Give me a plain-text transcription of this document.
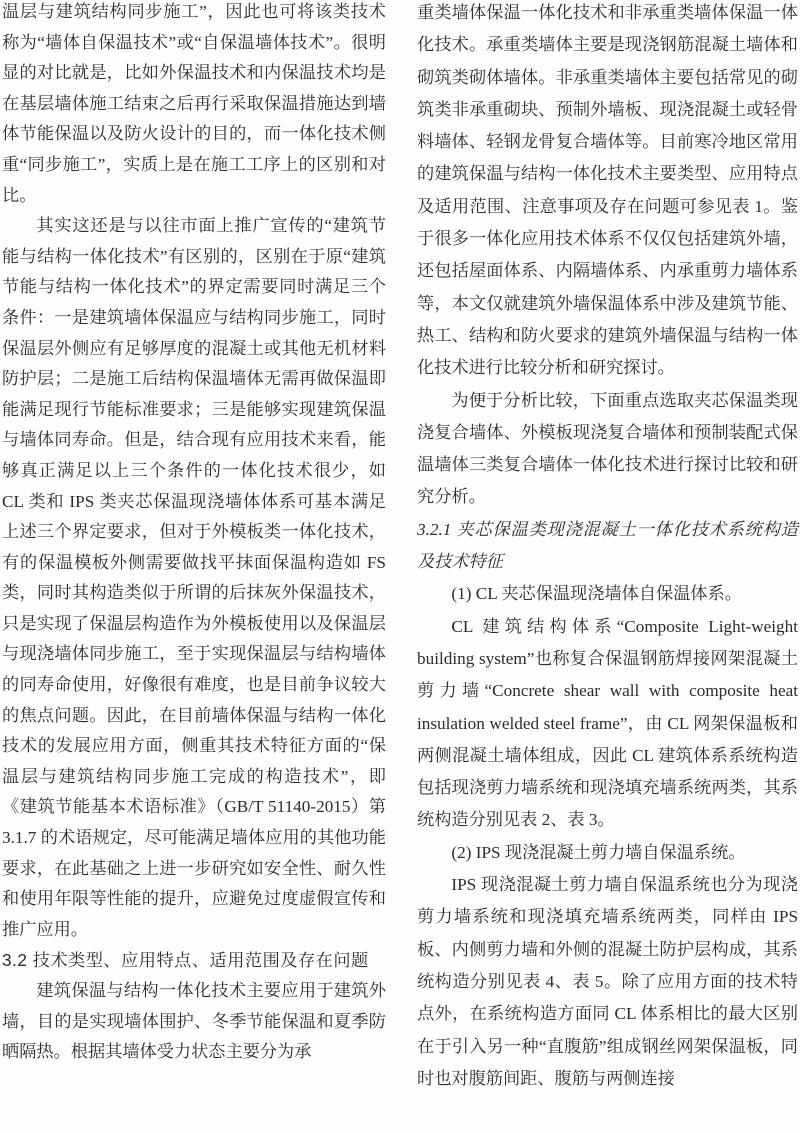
温层与建筑结构同步施工”，因此也可将该类技术称为“墙体自保温技术”或“自保温墙体技术”。很明显的对比就是，比如外保温技术和内保温技术均是在基层墙体施工结束之后再行采取保温措施达到墙体节能保温以及防火设计的目的，而一体化技术侧重“同步施工”，实质上是在施工工序上的区别和对比。

其实这还是与以往市面上推广宣传的“建筑节能与结构一体化技术”有区别的，区别在于原“建筑节能与结构一体化技术”的界定需要同时满足三个条件：一是建筑墙体保温应与结构同步施工，同时保温层外侧应有足够厚度的混凝土或其他无机材料防护层；二是施工后结构保温墙体无需再做保温即能满足现行节能标准要求；三是能够实现建筑保温与墙体同寿命。但是，结合现有应用技术来看，能够真正满足以上三个条件的一体化技术很少，如 CL 类和 IPS 类夹芯保温现浇墙体体系可基本满足上述三个界定要求，但对于外模板类一体化技术，有的保温模板外侧需要做找平抹面保温构造如 FS 类，同时其构造类似于所谓的后抹灰外保温技术，只是实现了保温层构造作为外模板使用以及保温层与现浇墙体同步施工，至于实现保温层与结构墙体的同寿命使用，好像很有难度，也是目前争议较大的焦点问题。因此，在目前墙体保温与结构一体化技术的发展应用方面，侧重其技术特征方面的“保温层与建筑结构同步施工完成的构造技术”，即《建筑节能基本术语标准》（GB/T 51140-2015）第 3.1.7 的术语规定，尽可能满足墙体应用的其他功能要求，在此基础之上进一步研究如安全性、耐久性和使用年限等性能的提升，应避免过度虚假宣传和推广应用。

3.2 技术类型、应用特点、适用范围及存在问题

建筑保温与结构一体化技术主要应用于建筑外墙，目的是实现墙体围护、冬季节能保温和夏季防晒隔热。根据其墙体受力状态主要分为承

重类墙体保温一体化技术和非承重类墙体保温一体化技术。承重类墙体主要是现浇钢筋混凝土墙体和砌筑类砌体墙体。非承重类墙体主要包括常见的砌筑类非承重砌块、预制外墙板、现浇混凝土或轻骨料墙体、轻钢龙骨复合墙体等。目前寒冷地区常用的建筑保温与结构一体化技术主要类型、应用特点及适用范围、注意事项及存在问题可参见表 1。鉴于很多一体化应用技术体系不仅仅包括建筑外墙，还包括屋面体系、内隔墙体系、内承重剪力墙体系等，本文仅就建筑外墙保温体系中涉及建筑节能、热工、结构和防火要求的建筑外墙保温与结构一体化技术进行比较分析和研究探讨。

为便于分析比较，下面重点选取夹芯保温类现浇复合墙体、外模板现浇复合墙体和预制装配式保温墙体三类复合墙体一体化技术进行探讨比较和研究分析。

3.2.1 夹芯保温类现浇混凝土一体化技术系统构造及技术特征

(1) CL 夹芯保温现浇墙体自保温体系。

CL 建筑结构体系“Composite Light-weight building system”也称复合保温钢筋焊接网架混凝土剪力墙“Concrete shear wall with composite heat insulation welded steel frame”，由 CL 网架保温板和两侧混凝土墙体组成，因此 CL 建筑体系系统构造包括现浇剪力墙系统和现浇填充墙系统两类，其系统构造分别见表 2、表 3。

(2) IPS 现浇混凝土剪力墙自保温系统。

IPS 现浇混凝土剪力墙自保温系统也分为现浇剪力墙系统和现浇填充墙系统两类，同样由 IPS 板、内侧剪力墙和外侧的混凝土防护层构成，其系统构造分别见表 4、表 5。除了应用方面的技术特点外，在系统构造方面同 CL 体系相比的最大区别在于引入另一种“直腹筋”组成钢丝网架保温板，同时也对腹筋间距、腹筋与两侧连接
